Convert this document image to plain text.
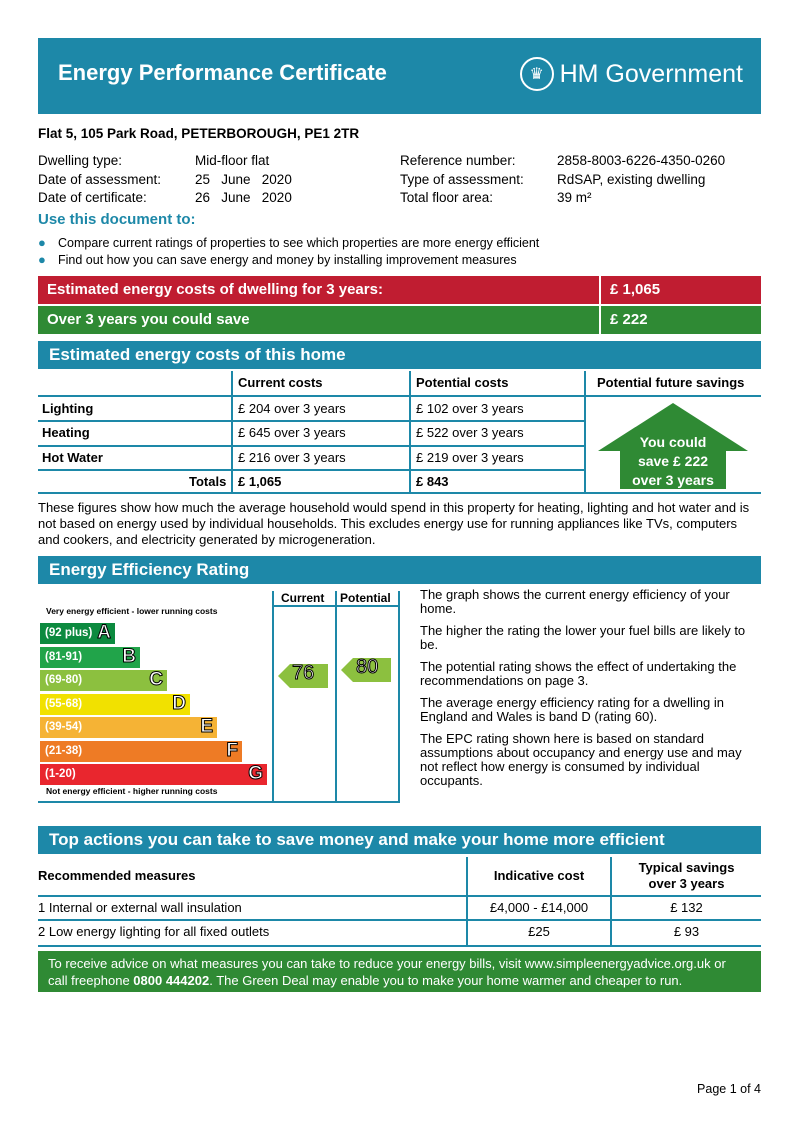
Energy Performance Certificate	♛ HM Government
Flat 5, 105 Park Road, PETERBOROUGH, PE1 2TR
Dwelling type:	Mid-floor flat
Date of assessment:	25   June   2020
Date of certificate:	26   June   2020
Reference number:	2858-8003-6226-4350-0260
Type of assessment: RdSAP, existing dwelling
Total floor area:	39 m²
Use this document to:
● Compare current ratings of properties to see which properties are more energy efficient
● Find out how you can save energy and money by installing improvement measures
Estimated energy costs of dwelling for 3 years:	£ 1,065
Over 3 years you could save	£ 222
Estimated energy costs of this home
Current costs	Potential costs	Potential future savings
Lighting	£ 204 over 3 years	£ 102 over 3 years
Heating	£ 645 over 3 years	£ 522 over 3 years
Hot Water	£ 216 over 3 years	£ 219 over 3 years
Totals £ 1,065	£ 843
You could
save £ 222
over 3 years
These figures show how much the average household would spend in this property for heating, lighting and hot water and is not based on energy used by individual households. This excludes energy use for running appliances like TVs, computers and cookers, and electricity generated by microgeneration.
Energy Efficiency Rating
Current Potential
Very energy efficient - lower running costs
Not energy efficient - higher running costs
(92 plus) A
(81-91) B
(69-80)	C
(55-68)	D
(39-54)	E
(21-38)	F
(1-20)	G
76 80

The graph shows the current energy efficiency of your home.

The higher the rating the lower your fuel bills are likely to be.

The potential rating shows the effect of undertaking the recommendations on page 3.

The average energy efficiency rating for a dwelling in England and Wales is band D (rating 60).

The EPC rating shown here is based on standard assumptions about occupancy and energy use and may not reflect how energy is consumed by individual occupants.

Top actions you can take to save money and make your home more efficient
Recommended measures	Indicative cost
Typical savings
over 3 years
1 Internal or external wall insulation	£4,000 - £14,000	£ 132
2 Low energy lighting for all fixed outlets	£25	£ 93
To receive advice on what measures you can take to reduce your energy bills, visit www.simpleenergyadvice.org.uk or
call freephone 0800 444202. The Green Deal may enable you to make your home warmer and cheaper to run.
Page 1 of 4
